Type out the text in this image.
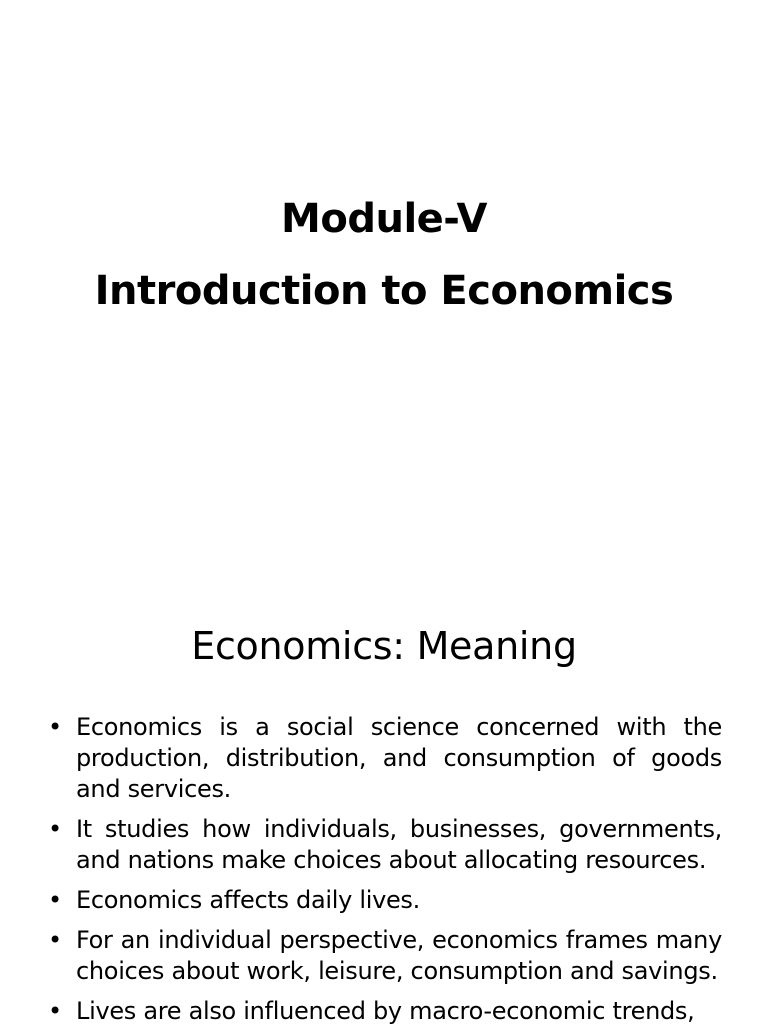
Module-V
Introduction to Economics
Economics: Meaning
• Economics is a social science concerned with the production, distribution, and consumption of goods and services.
• It studies how individuals, businesses, governments, and nations make choices about allocating resources.
• Economics affects daily lives.
• For an individual perspective, economics frames many choices about work, leisure, consumption and savings.
• Lives are also influenced by macro-economic trends,
